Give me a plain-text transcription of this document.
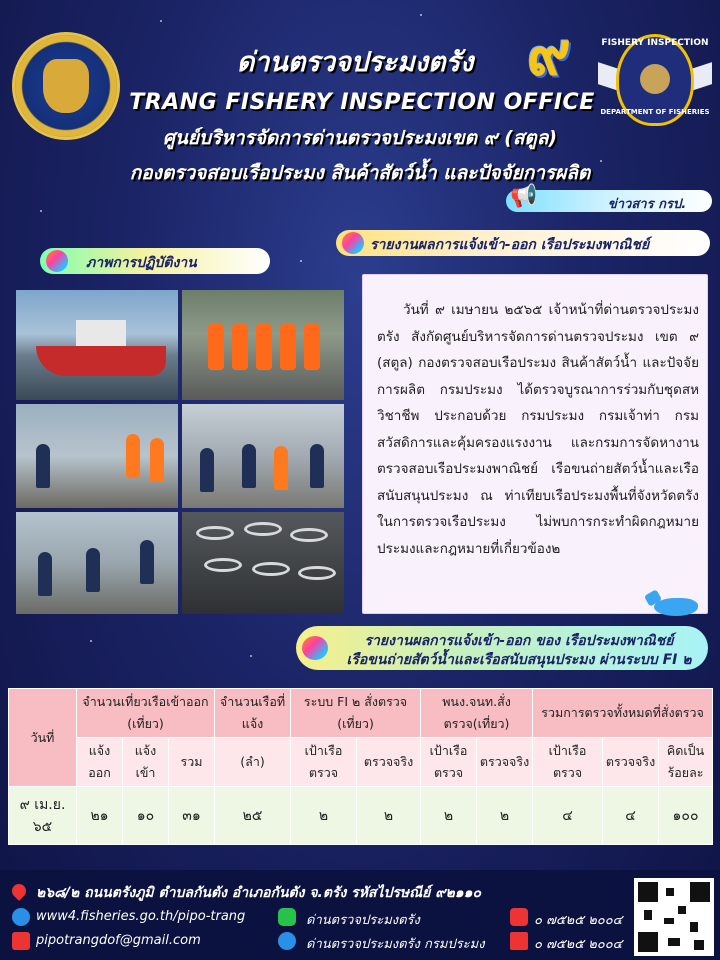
FISHERY INSPECTION
DEPARTMENT OF FISHERIES
๙
ด่านตรวจประมงตรัง
TRANG FISHERY INSPECTION OFFICE
ศูนย์บริหารจัดการด่านตรวจประมงเขต ๙ (สตูล)
กองตรวจสอบเรือประมง สินค้าสัตว์น้ำ และปัจจัยการผลิต
📢	ข่าวสาร กรป.
ภาพการปฏิบัติงาน
รายงานผลการแจ้งเข้า-ออก เรือประมงพาณิชย์

วันที่ ๙ เมษายน ๒๕๖๕ เจ้าหน้าที่ด่านตรวจประมงตรัง สังกัดศูนย์บริหารจัดการด่านตรวจประมง เขต ๙ (สตูล) กองตรวจสอบเรือประมง สินค้าสัตว์น้ำ และปัจจัยการผลิต กรมประมง ได้ตรวจบูรณาการร่วมกับชุดสหวิชาชีพ ประกอบด้วย กรมประมง กรมเจ้าท่า กรมสวัสดิการและคุ้มครองแรงงาน และกรมการจัดหางาน ตรวจสอบเรือประมงพาณิชย์ เรือขนถ่ายสัตว์น้ำและเรือสนับสนุนประมง ณ ท่าเทียบเรือประมงพื้นที่จังหวัดตรัง ในการตรวจเรือประมง ไม่พบการกระทำผิดกฎหมายประมงและกฎหมายที่เกี่ยวข้อง๒

รายงานผลการแจ้งเข้า-ออก ของ เรือประมงพาณิชย์
เรือขนถ่ายสัตว์น้ำและเรือสนับสนุนประมง ผ่านระบบ FI ๒
วันที่	จำนวนเที่ยวเรือเข้าออก (เที่ยว)			จำนวนเรือที่แจ้ง	ระบบ FI ๒ สั่งตรวจ (เที่ยว)		พนง.จนท.สั่งตรวจ(เที่ยว)		รวมการตรวจทั้งหมดที่สั่งตรวจ		
	แจ้งออก	แจ้งเข้า	รวม	(ลำ)	เป้าเรือตรวจ	ตรวจจริง	เป้าเรือตรวจ	ตรวจจริง	เป้าเรือตรวจ	ตรวจจริง	คิดเป็นร้อยละ
๙ เม.ย. ๖๕	๒๑	๑๐	๓๑	๒๕	๒	๒	๒	๒	๔	๔	๑๐๐
๒๖๘/๒ ถนนตรังภูมิ ตำบลกันตัง อำเภอกันตัง จ.ตรัง รหัสไปรษณีย์ ๙๒๑๑๐
www4.fisheries.go.th/pipo-trang
pipotrangdof@gmail.com
ด่านตรวจประมงตรัง
ด่านตรวจประมงตรัง กรมประมง
๐ ๗๕๒๕ ๒๐๐๔
๐ ๗๕๒๕ ๒๐๐๔
